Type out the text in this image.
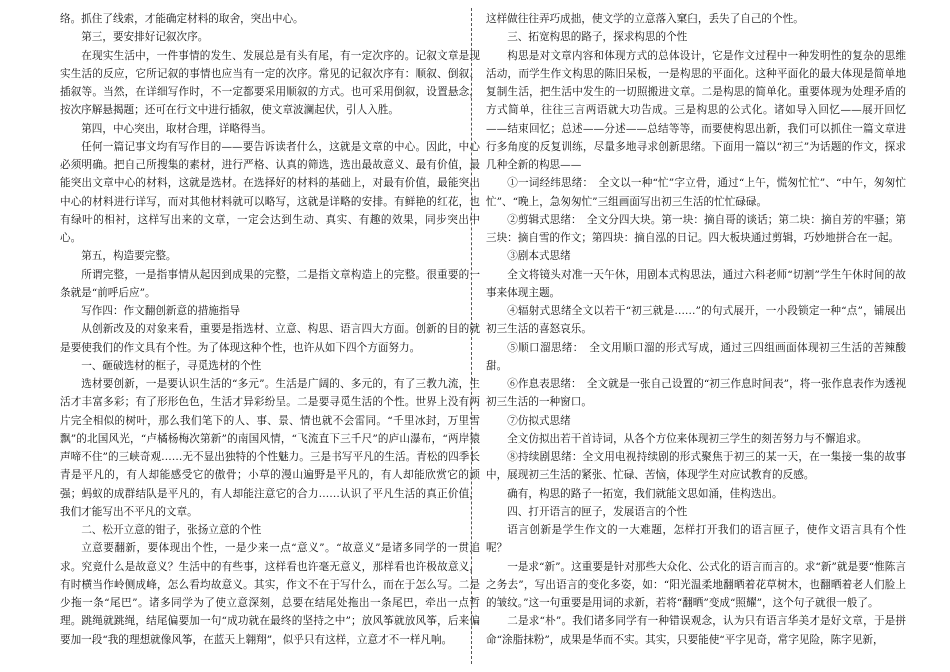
络。抓住了线索，才能确定材料的取舍，突出中心。

第三，要安排好记叙次序。

在现实生活中，一件事情的发生、发展总是有头有尾，有一定次序的。记叙文章是现实生活的反应，它所记叙的事情也应当有一定的次序。常见的记叙次序有：顺叙、倒叙、插叙等。当然，在详细写作时，不一定都要采用顺叙的方式。也可采用倒叙，设置悬念，按次序解悬揭题；还可在行文中进行插叙，使文章波澜起伏，引人入胜。

第四，中心突出，取材合理，详略得当。

任何一篇记事文均有写作目的——要告诉读者什么，这就是文章的中心。因此，中心必须明确。把自己所搜集的素材，进行严格、认真的筛选，选出最故意义、最有价值，最能突出文章中心的材料，这就是选材。在选择好的材料的基础上，对最有价值，最能突出中心的材料进行详写，而对其他材料就可以略写，这就是详略的安排。有鲜艳的红花，也有绿叶的相衬，这样写出来的文章，一定会达到生动、真实、有趣的效果，同步突出中心。

第五，构造要完整。

所谓完整，一是指事情从起因到成果的完整，二是指文章构造上的完整。很重要的一条就是“前呼后应”。

写作四：作文翻创新意的措施指导

从创新改及的对象来看，重要是指选材、立意、构思、语言四大方面。创新的目的就是要使我们的作文具有个性。为了体现这种个性，也许从如下四个方面努力。

一、砸破选材的框子，寻觅选材的个性

选材要创新，一是要认识生活的“多元”。生活是广阔的、多元的，有了三教九流，生活才丰富多彩；有了形形色色，生活才异彩纷呈。二是要寻觅生活的个性。世界上没有两片完全相似的树叶，那么我们笔下的人、事、景、情也就不会雷同。“千里冰封，万里雪飘”的北国风光，“卢橘杨梅次第新”的南国风情，“飞流直下三千尺”的庐山瀑布，“两岸猿声啼不住”的三峡奇观……无不显出独特的个性魅力。三是书写平凡的生活。青松的四季长青是平凡的，有人却能感受它的傲骨；小草的漫山遍野是平凡的，有人却能欣赏它的顽强；蚂蚁的成群结队是平凡的，有人却能注意它的合力……认识了平凡生活的真正价值，我们才能写出不平凡的文章。

二、松开立意的钳子，张扬立意的个性

立意要翻新，要体现出个性，一是少来一点“意义”。“故意义”是诸多同学的一贯追求。究竟什么是故意义？生活中的有些事，这样看也许毫无意义，那样看也许极故意义，有时横当作岭侧成峰，怎么看均故意义。其实，作文不在于写什么，而在于怎么写。二是少拖一条“尾巴”。诸多同学为了使立意深刻，总要在结尾处拖出一条尾巴，牵出一点哲理。跳绳就跳绳，结尾偏要加一句“成功就在最终的坚持之中”；放风筝就放风筝，后来偏要加一段“我的理想就像风筝，在蓝天上翱翔”，似乎只有这样，立意才不一样凡响。

这样做往往弄巧成拙，使文学的立意落入窠臼，丢失了自己的个性。

三、拓宽构思的路子，探求构思的个性

构思是对文章内容和体现方式的总体设计，它是作文过程中一种发明性的复杂的思维活动，而学生作文构思的陈旧呆板，一是构思的平面化。这种平面化的最大体现是简单地复制生活，把生活中发生的一切照搬进文章。二是构思的简单化。重要体现为处理矛盾的方式简单，往往三言两语就大功告成。三是构思的公式化。诸如导入回忆——展开回忆——结束回忆；总述——分述——总结等等，而要使构思出新，我们可以抓住一篇文章进行多角度的反复训练，尽量多地寻求创新思绪。下面用一篇以“初三”为话题的作文，探求几种全新的构思——

①一词经纬思绪：　全文以一种“忙”字立骨，通过“上午，慌匆忙忙”、“中午，匆匆忙忙”、“晚上，急匆匆忙”三组画面写出初三生活的忙忙碌碌。

②剪辑式思绪：　全文分四大块。第一块：摘自哥的谈话；第二块：摘自芳的牢骚；第三块：摘自雪的作文；第四块：摘自泓的日记。四大板块通过剪辑，巧妙地拼合在一起。

③剧本式思绪

全文将镜头对准一天午休，用剧本式构思法，通过六科老师“切割”学生午休时间的故事来体现主题。

④辐射式思绪全文以若干“初三就是……”的句式展开，一小段锁定一种“点”，铺展出初三生活的喜怒哀乐。

⑤顺口溜思绪：　全文用顺口溜的形式写成，通过三四组画面体现初三生活的苦辣酸甜。

⑥作息表思绪：　全文就是一张自己设置的“初三作息时间表”，将一张作息表作为透视初三生活的一种窗口。

⑦仿拟式思绪

全文仿拟出若干首诗词，从各个方位来体现初三学生的刻苦努力与不懈追求。

⑧持续剧思绪：全文用电视持续剧的形式聚焦于初三的某一天，在一集接一集的故事中，展现初三生活的紧张、忙碌、苦恼，体现学生对应试教育的反感。

确有，构思的路子一拓宽，我们就能文思如涌，佳构迭出。

四、打开语言的匣子，发展语言的个性

语言创新是学生作文的一大难题，怎样打开我们的语言匣子，使作文语言具有个性呢？

一是求“新”。这重要是针对那些大众化、公式化的语言而言的。求“新”就是要“惟陈言之务去”，写出语言的变化多姿，如：“阳光温柔地翻晒着花草树木，也翻晒着老人们脸上的皱纹。”这一句重要是用词的求新，若将“翻晒”变成“照耀”，这个句子就很一般了。

二是求“朴”。我们诸多同学有一种错误观念，认为只有语言华美才是好文章，于是拼命“涂脂抹粉”，成果是华而不实。其实，只要能使“平字见奇，常字见险，陈字见新，
